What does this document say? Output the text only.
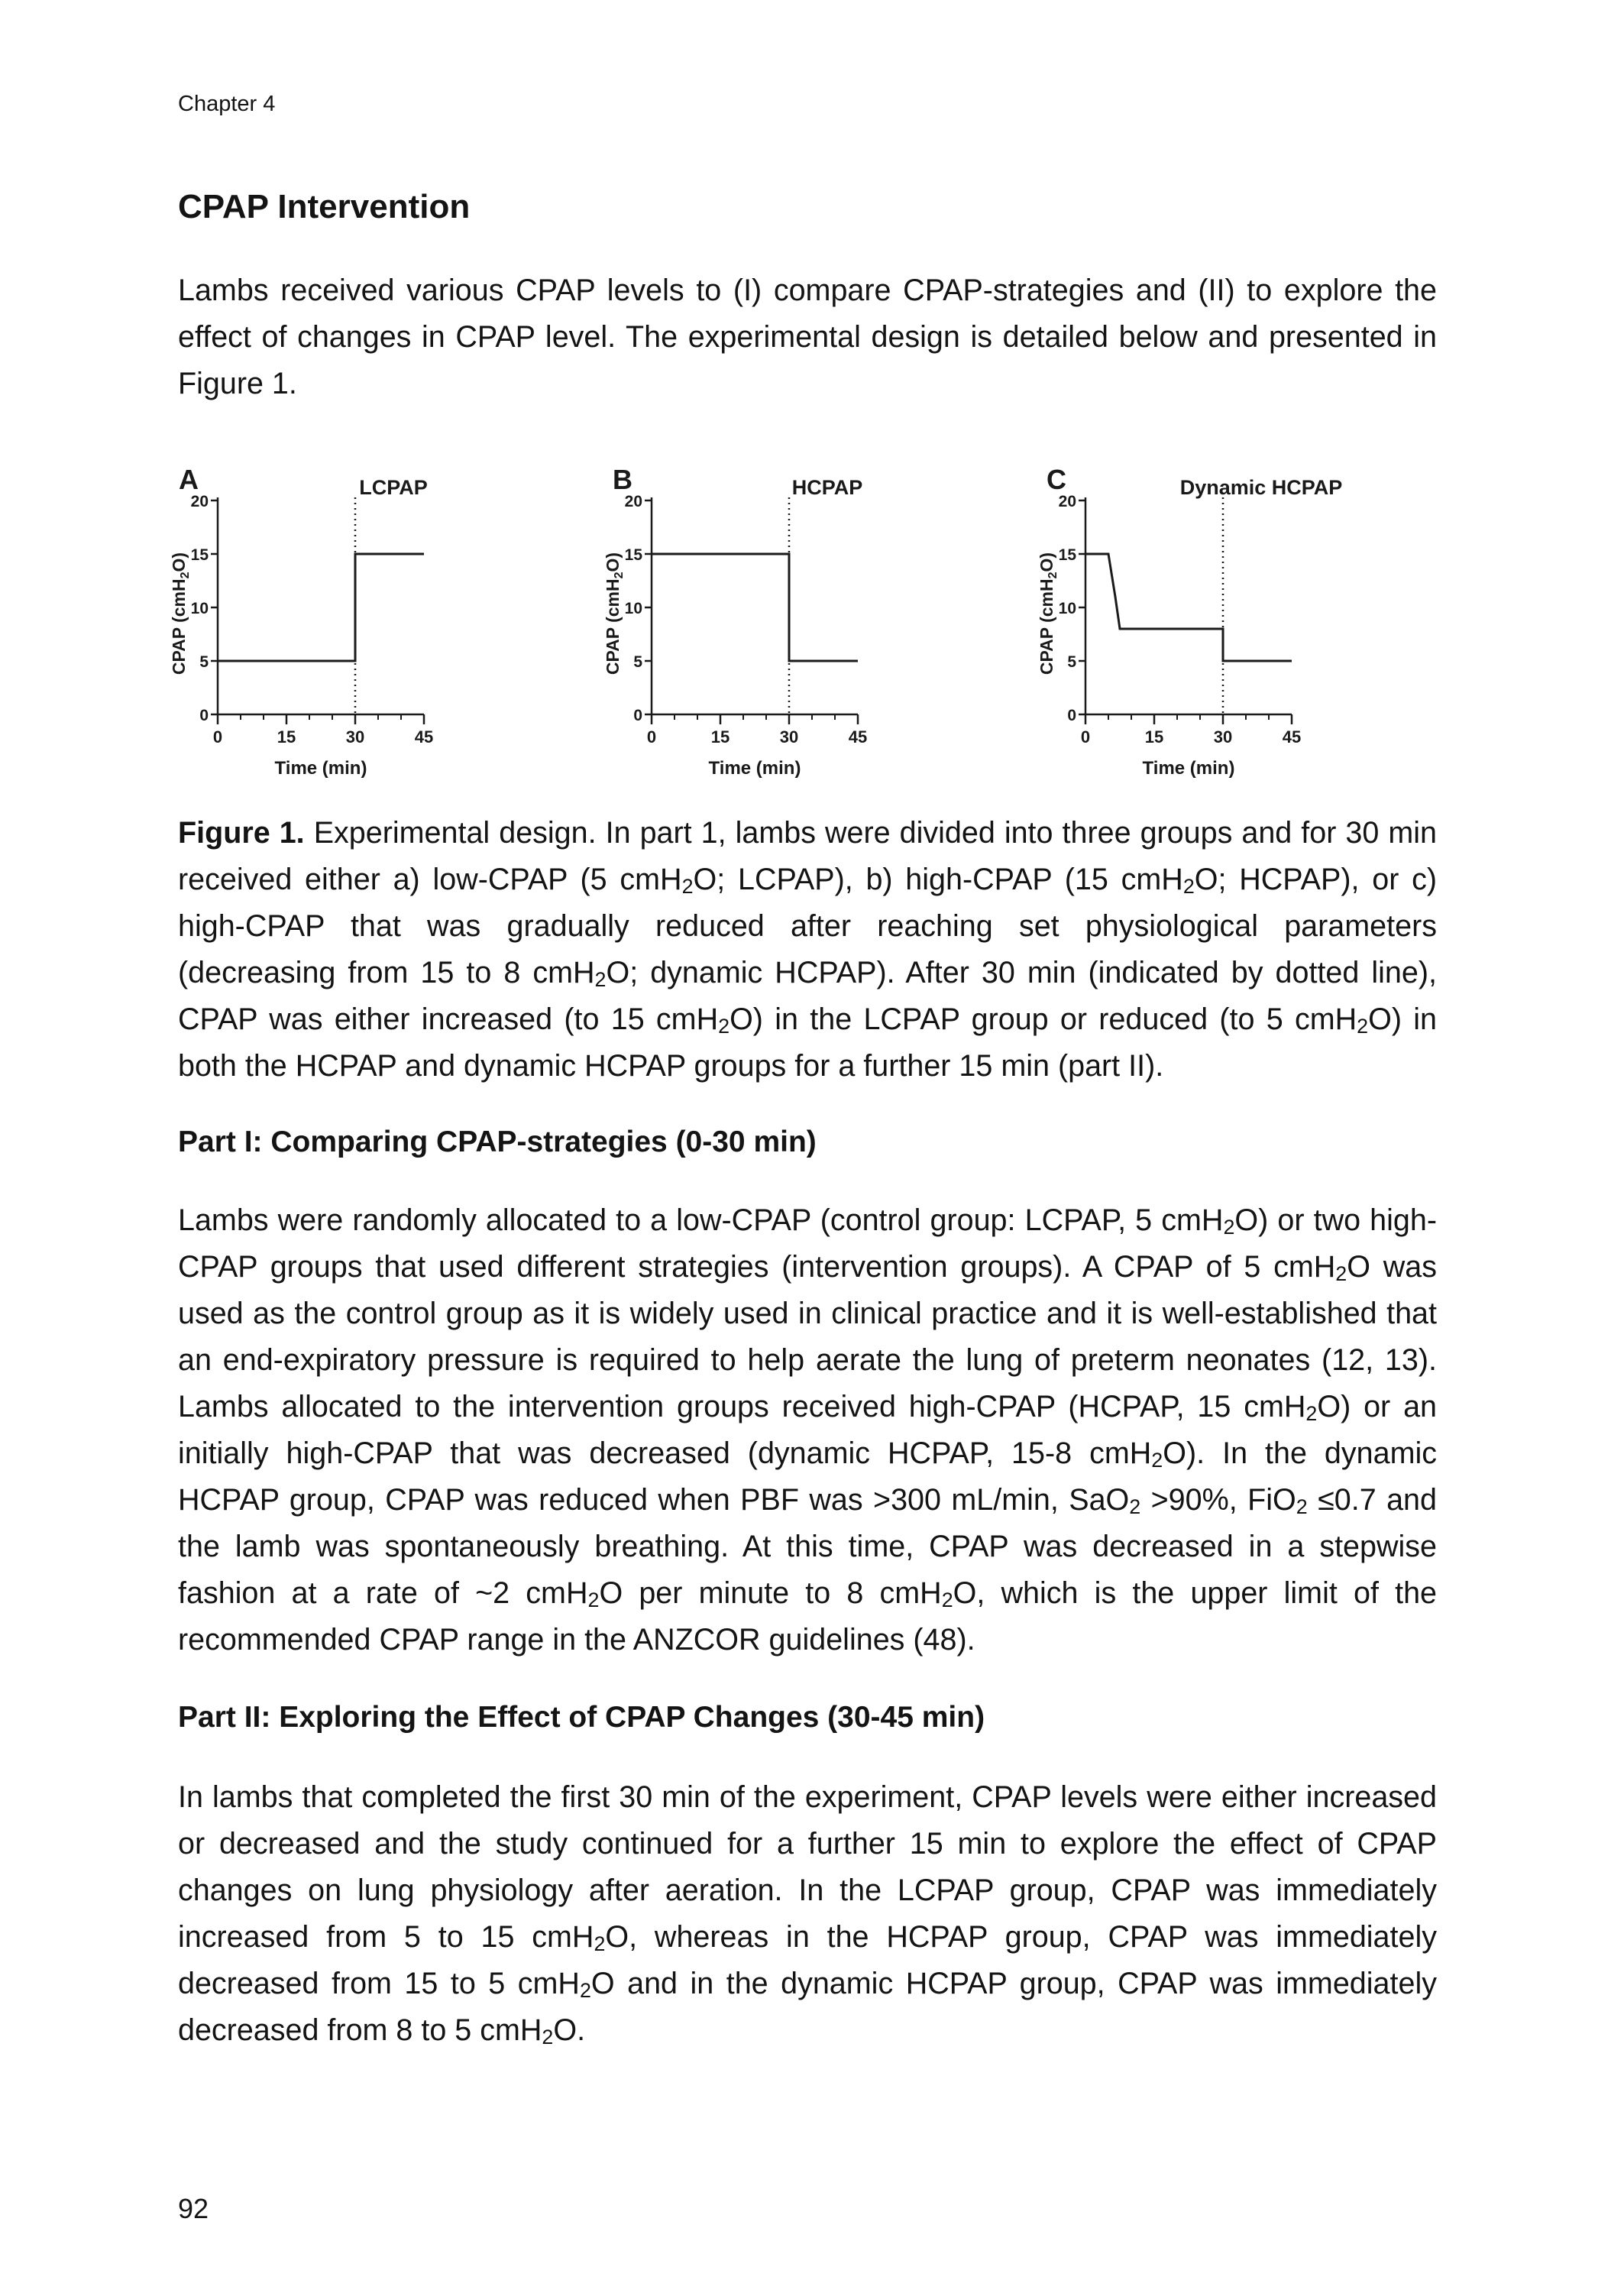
Chapter 4
CPAP Intervention

Lambs received various CPAP levels to (I) compare CPAP-strategies and (II) to explore the effect of changes in CPAP level. The experimental design is detailed below and presented in Figure 1.

A	LCPAP
0
5
10
15
20
0	15	30	45
Time (min)
CPAP (cmH$_2$O)
B	HCPAP
0
5
10
15
20
0	15	30	45
Time (min)
CPAP (cmH$_2$O)
C	Dynamic HCPAP
0
5
10
15
20
0	15	30	45
Time (min)
CPAP (cmH$_2$O)

Figure 1. Experimental design. In part 1, lambs were divided into three groups and for 30 min received either a) low-CPAP (5 cmH$_2$O; LCPAP), b) high-CPAP (15 cmH$_2$O; HCPAP), or c) high-CPAP that was gradually reduced after reaching set physiological parameters (decreasing from 15 to 8 cmH$_2$O; dynamic HCPAP). After 30 min (indicated by dotted line), CPAP was either increased (to 15 cmH$_2$O) in the LCPAP group or reduced (to 5 cmH$_2$O) in both the HCPAP and dynamic HCPAP groups for a further 15 min (part II).

Part I: Comparing CPAP-strategies (0-30 min)

Lambs were randomly allocated to a low-CPAP (control group: LCPAP, 5 cmH$_2$O) or two high-CPAP groups that used different strategies (intervention groups). A CPAP of 5 cmH$_2$O was used as the control group as it is widely used in clinical practice and it is well-established that an end-expiratory pressure is required to help aerate the lung of preterm neonates (12, 13). Lambs allocated to the intervention groups received high-CPAP (HCPAP, 15 cmH$_2$O) or an initially high-CPAP that was decreased (dynamic HCPAP, 15-8 cmH$_2$O). In the dynamic HCPAP group, CPAP was reduced when PBF was >300 mL/min, SaO$_2$ >90%, FiO$_2$ ≤0.7 and the lamb was spontaneously breathing. At this time, CPAP was decreased in a stepwise fashion at a rate of ~2 cmH$_2$O per minute to 8 cmH$_2$O, which is the upper limit of the recommended CPAP range in the ANZCOR guidelines (48).

Part II: Exploring the Effect of CPAP Changes (30-45 min)

In lambs that completed the first 30 min of the experiment, CPAP levels were either increased or decreased and the study continued for a further 15 min to explore the effect of CPAP changes on lung physiology after aeration. In the LCPAP group, CPAP was immediately increased from 5 to 15 cmH$_2$O, whereas in the HCPAP group, CPAP was immediately decreased from 15 to 5 cmH$_2$O and in the dynamic HCPAP group, CPAP was immediately decreased from 8 to 5 cmH$_2$O.

92
